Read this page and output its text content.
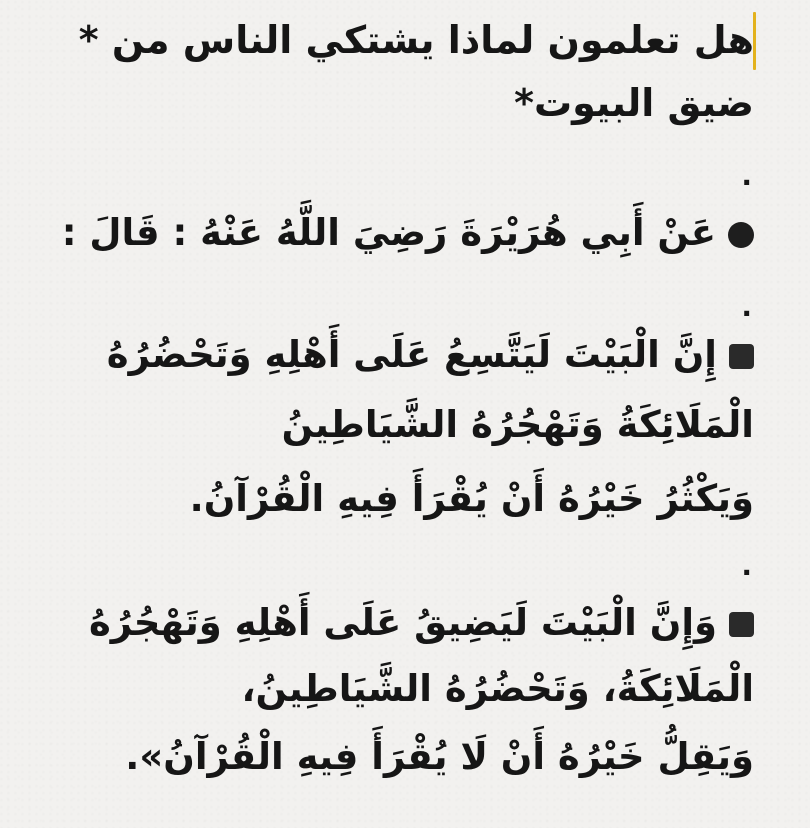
هل تعلمون لماذا يشتكي الناس من *
ضيق البيوت*
.
عَنْ أَبِي هُرَيْرَةَ رَضِيَ اللَّهُ عَنْهُ : قَالَ :
.
إِنَّ الْبَيْتَ لَيَتَّسِعُ عَلَى أَهْلِهِ وَتَحْضُرُهُ
الْمَلَائِكَةُ وَتَهْجُرُهُ الشَّيَاطِينُ
وَيَكْثُرُ خَيْرُهُ أَنْ يُقْرَأَ فِيهِ الْقُرْآنُ.
.
وَإِنَّ الْبَيْتَ لَيَضِيقُ عَلَى أَهْلِهِ وَتَهْجُرُهُ
الْمَلَائِكَةُ، وَتَحْضُرُهُ الشَّيَاطِينُ،
وَيَقِلُّ خَيْرُهُ أَنْ لَا يُقْرَأَ فِيهِ الْقُرْآنُ».
